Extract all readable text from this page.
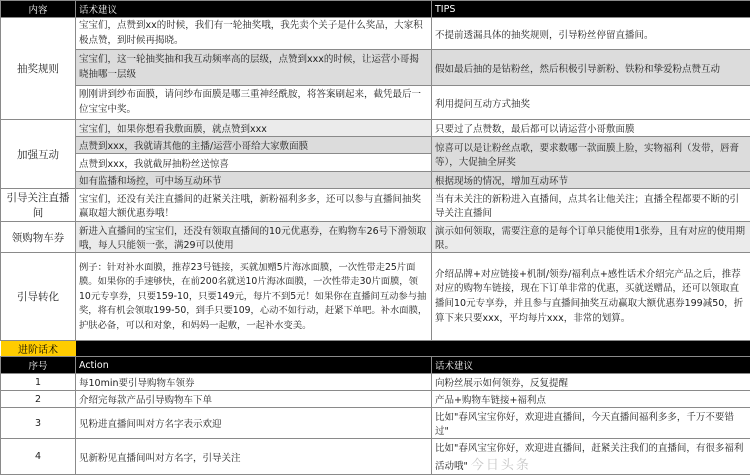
内容	话术建议	TIPS
抽奖规则	宝宝们，点赞到xx的时候，我们有一轮抽奖哦，我先卖个关子是什么奖品，大家积极点赞，到时候再揭晓。	不提前透漏具体的抽奖规则，引导粉丝停留直播间。
	宝宝们，这一轮抽奖抽和我互动频率高的层级，点赞到xxx的时候，让运营小哥揭晓抽哪一层级	假如最后抽的是钻粉丝，然后积极引导新粉、铁粉和挚爱粉点赞互动
	刚刚讲到纱布面膜，请问纱布面膜是哪三重神经酰胺，将答案刷起来，截凭最后一位宝宝中奖。	利用提问互动方式抽奖
加强互动	宝宝们，如果你想看我敷面膜，就点赞到xxx	只要过了点赞数，最后都可以请运营小哥敷面膜
	点赞到xxx，我就请其他的主播/运营小哥给大家敷面膜	惊喜可以是让粉丝点歌，要求数哪一款面膜上脸，实物福利（发带，唇膏等），大促抽全屏奖
	点赞到xxx，我就截屏抽粉丝送惊喜	
	如有监播和场控，可中场互动环节	根据现场的情况，增加互动环节
引导关注直播间	宝宝们，还没有关注直播间的赶紧关注哦，新粉福利多多，还可以参与直播间抽奖赢取超大额优惠券哦！	当有未关注的新粉进入直播间，点其名让他关注；直播全程都要不断的引导关注直播间
领购物车券	新进入直播间的宝宝们，还没有领取直播间的10元优惠券，在购物车26号下滑领取哦，每人只能领一张，满29可以使用	演示如何领取，需要注意的是每个订单只能使用1张券，且有对应的使用期限。
引导转化	例子：针对补水面膜，推荐23号链接，买就加赠5片海冰面膜，一次性带走25片面膜。如果你的手速够快，在前200名就送10片海冰面膜，一次性带走30片面膜，领10元专享券，只要159-10，只要149元，每片不到5元！如果你在直播间互动参与抽奖，将有机会领取199-50，到手只要109，心动不如行动，赶紧下单吧。补水面膜，护肤必备，可以和对象，和妈妈一起敷，一起补水变美。	介绍品牌+对应链接+机制/领券/福利点+感性话术介绍完产品之后，推荐对应的购物车链接，现在下订单非常的优惠，买就送赠品，还可以领取直播间10元专享券，并且参与直播间抽奖互动赢取大额优惠券199减50，折算下来只要xxx，平均每片xxx，非常的划算。
进阶话术		
序号	Action	话术建议
1	每10min要引导购物车领券	向粉丝展示如何领券，反复提醒
2	介绍完每款产品引导购物车下单	产品+购物车链接+福利点
3	见粉进直播间叫对方名字表示欢迎	比如"春风宝宝你好，欢迎进直播间，今天直播间福利多多，千万不要错过"
4	见新粉见直播间叫对方名字，引导关注	比如"春风宝宝你好，欢迎进直播间，赶紧关注我们的直播间，有很多福利活动哦" 今日头条
